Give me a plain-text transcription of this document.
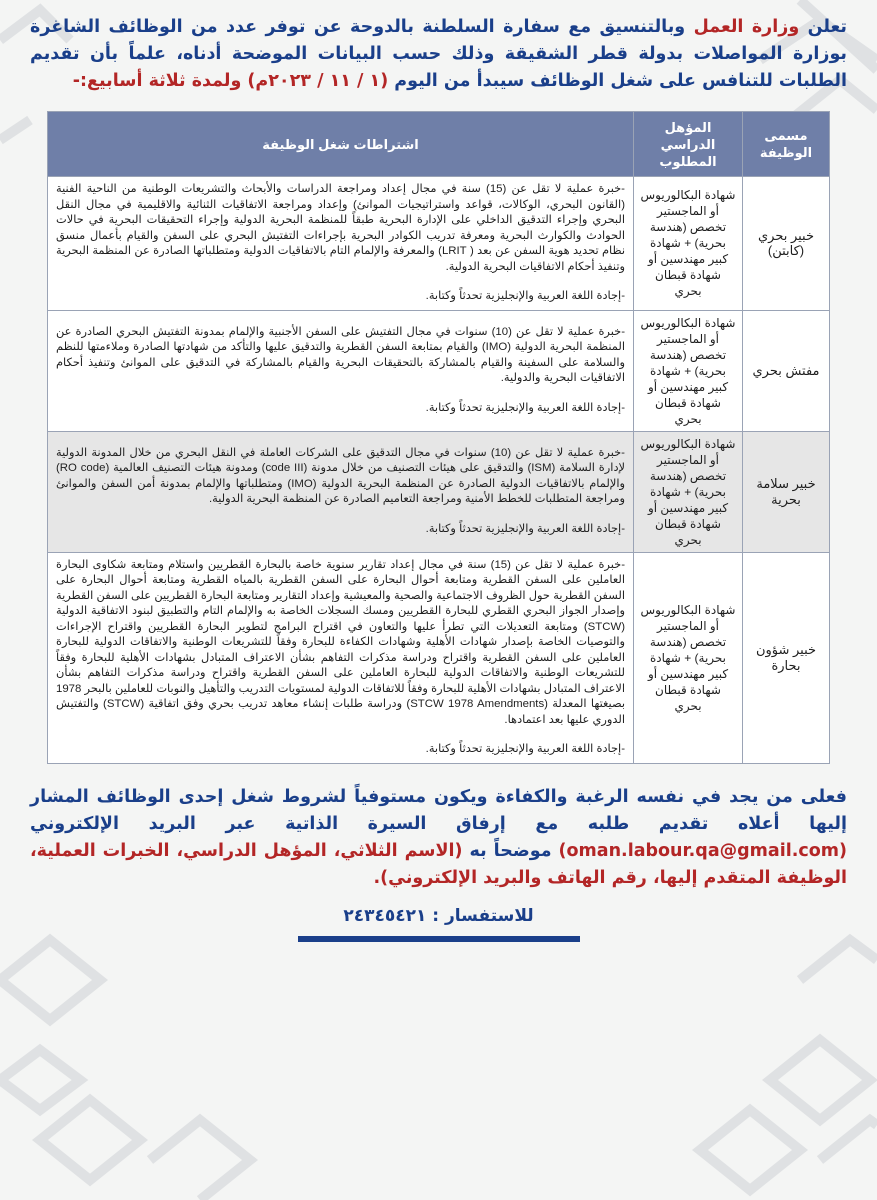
تعلن وزارة العمل وبالتنسيق مع سفارة السلطنة بالدوحة عن توفر عدد من الوظائف الشاغرة بوزارة المواصلات بدولة قطر الشقيقة وذلك حسب البيانات الموضحة أدناه، علماً بأن تقديم الطلبات للتنافس على شغل الوظائف سيبدأ من اليوم (١ / ١١ / ٢٠٢٣م) ولمدة ثلاثة أسابيع:-

مسمى الوظيفة	المؤهل الدراسي المطلوب	اشتراطات شغل الوظيفة
خبير بحري (كابتن)	شهادة البكالوريوس أو الماجستير تخصص (هندسة بحرية) + شهادة كبير مهندسين أو شهادة قبطان بحري	-خبرة عملية لا تقل عن (15) سنة في مجال إعداد ومراجعة الدراسات والأبحاث والتشريعات الوطنية من الناحية الفنية (القانون البحري، الوكالات، قواعد واستراتيجيات الموانئ) وإعداد ومراجعة الاتفاقيات الثنائية والاقليمية في مجال النقل البحري وإجراء التدقيق الداخلي على الإدارة البحرية طبقاً للمنظمة البحرية الدولية وإجراء التحقيقات البحرية في حالات الحوادث والكوارث البحرية ومعرفة تدريب الكوادر البحرية بإجراءات التفتيش البحري على السفن والقيام بأعمال منسق نظام تحديد هوية السفن عن بعد ( LRIT) والمعرفة والإلمام التام بالاتفاقيات الدولية ومتطلباتها الصادرة عن المنظمة البحرية وتنفيذ أحكام الاتفاقيات البحرية الدولية.

-إجادة اللغة العربية والإنجليزية تحدثاً وكتابة.

مفتش بحري	شهادة البكالوريوس أو الماجستير تخصص (هندسة بحرية) + شهادة كبير مهندسين أو شهادة قبطان بحري	-خبرة عملية لا تقل عن (10) سنوات في مجال التفتيش على السفن الأجنبية والإلمام بمدونة التفتيش البحري الصادرة عن المنظمة البحرية الدولية (IMO) والقيام بمتابعة السفن القطرية والتدقيق عليها والتأكد من شهادتها الصادرة وملاءمتها للنظم والسلامة على السفينة والقيام بالمشاركة بالتحقيقات البحرية والقيام بالمشاركة في التدقيق على الموانئ وتنفيذ أحكام الاتفاقيات البحرية والدولية.

-إجادة اللغة العربية والإنجليزية تحدثاً وكتابة.

خبير سلامة بحرية	شهادة البكالوريوس أو الماجستير تخصص (هندسة بحرية) + شهادة كبير مهندسين أو شهادة قبطان بحري	-خبرة عملية لا تقل عن (10) سنوات في مجال التدقيق على الشركات العاملة في النقل البحري من خلال المدونة الدولية لإدارة السلامة (ISM) والتدقيق على هيئات التصنيف من خلال مدونة (code III) ومدونة هيئات التصنيف العالمية (RO code) والإلمام بالاتفاقيات الدولية الصادرة عن المنظمة البحرية الدولية (IMO) ومتطلباتها والإلمام بمدونة أمن السفن والموانئ ومراجعة المتطلبات للخطط الأمنية ومراجعة التعاميم الصادرة عن المنظمة البحرية الدولية.

-إجادة اللغة العربية والإنجليزية تحدثاً وكتابة.

خبير شؤون بحارة	شهادة البكالوريوس أو الماجستير تخصص (هندسة بحرية) + شهادة كبير مهندسين أو شهادة قبطان بحري	-خبرة عملية لا تقل عن (15) سنة في مجال إعداد تقارير سنوية خاصة بالبحارة القطريين واستلام ومتابعة شكاوى البحارة العاملين على السفن القطرية ومتابعة أحوال البحارة على السفن القطرية بالمياه القطرية ومتابعة أحوال البحارة على السفن القطرية حول الظروف الاجتماعية والصحية والمعيشية وإعداد التقارير ومتابعة البحارة القطريين على السفن القطرية وإصدار الجواز البحري القطري للبحارة القطريين ومسك السجلات الخاصة به والإلمام التام والتطبيق لبنود الاتفاقية الدولية (STCW) ومتابعة التعديلات التي تطرأ عليها والتعاون في اقتراح البرامج لتطوير البحارة القطريين واقتراح الإجراءات والتوصيات الخاصة بإصدار شهادات الأهلية وشهادات الكفاءة للبحارة وفقاً للتشريعات الوطنية والاتفاقات الدولية للبحارة العاملين على السفن القطرية واقتراح ودراسة مذكرات التفاهم بشأن الاعتراف المتبادل بشهادات الأهلية للبحارة وفقاً للتشريعات الوطنية والاتفاقات الدولية للبحارة العاملين على السفن القطرية واقتراح ودراسة مذكرات التفاهم بشأن الاعتراف المتبادل بشهادات الأهلية للبحارة وفقاً للاتفاقات الدولية لمستويات التدريب والتأهيل والنوبات للعاملين بالبحر 1978 بصيغتها المعدلة (STCW 1978 Amendments) ودراسة طلبات إنشاء معاهد تدريب بحري وفق اتفاقية (STCW) والتفتيش الدوري عليها بعد اعتمادها.

-إجادة اللغة العربية والإنجليزية تحدثاً وكتابة.

فعلى من يجد في نفسه الرغبة والكفاءة ويكون مستوفياً لشروط شغل إحدى الوظائف المشار إليها أعلاه تقديم طلبه مع إرفاق السيرة الذاتية عبر البريد الإلكتروني (oman.labour.qa@gmail.com) موضحاً به (الاسم الثلاثي، المؤهل الدراسي، الخبرات العملية، الوظيفة المتقدم إليها، رقم الهاتف والبريد الإلكتروني).

للاستفسار : ٢٤٣٤٥٤٢١
